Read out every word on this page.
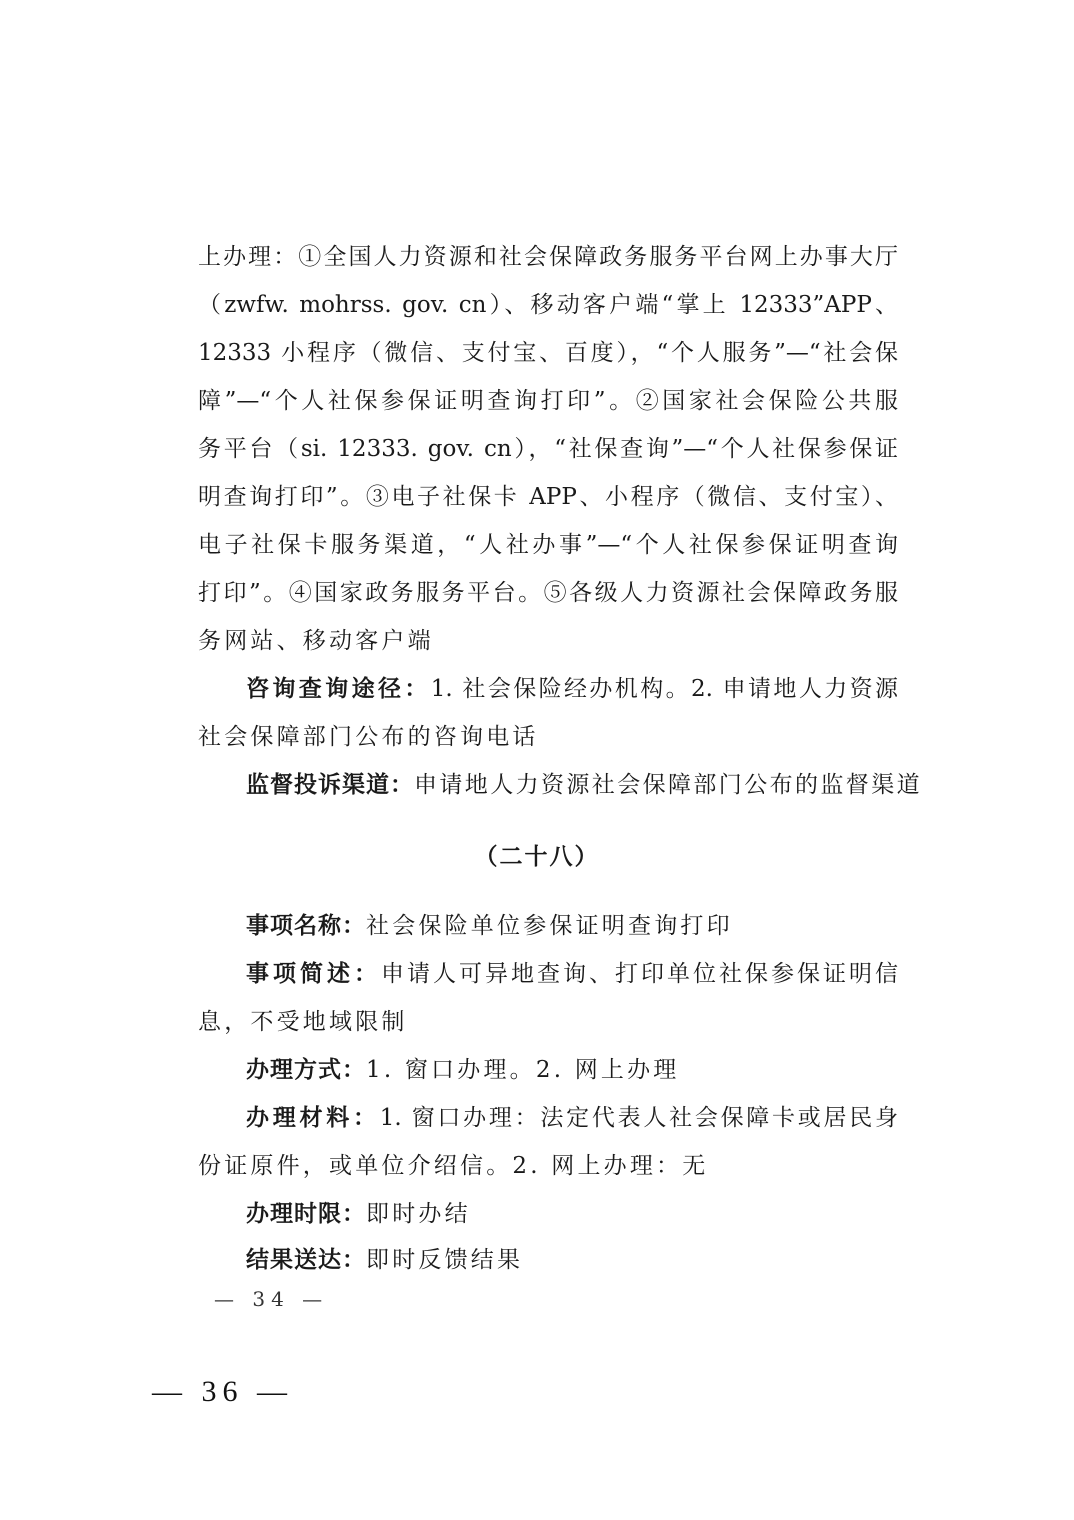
上办理：①全国人力资源和社会保障政务服务平台网上办事大厅
（zwfw. mohrss. gov. cn）、移动客户端“掌上 12333”APP、
12333 小程序（微信、支付宝、百度），“个人服务”—“社会保
障”—“个人社保参保证明查询打印”。②国家社会保险公共服
务平台（si. 12333. gov. cn），“社保查询”—“个人社保参保证
明查询打印”。③电子社保卡 APP、小程序（微信、支付宝）、
电子社保卡服务渠道，“人社办事”—“个人社保参保证明查询
打印”。④国家政务服务平台。⑤各级人力资源社会保障政务服
务网站、移动客户端
咨询查询途径：1. 社会保险经办机构。2. 申请地人力资源
社会保障部门公布的咨询电话
监督投诉渠道：申请地人力资源社会保障部门公布的监督渠道
（二十八）
事项名称：社会保险单位参保证明查询打印
事项简述：申请人可异地查询、打印单位社保参保证明信
息，不受地域限制
办理方式：1. 窗口办理。2. 网上办理
办理材料：1. 窗口办理：法定代表人社会保障卡或居民身
份证原件，或单位介绍信。2. 网上办理：无
办理时限：即时办结
结果送达：即时反馈结果
— 34 —
— 36 —
